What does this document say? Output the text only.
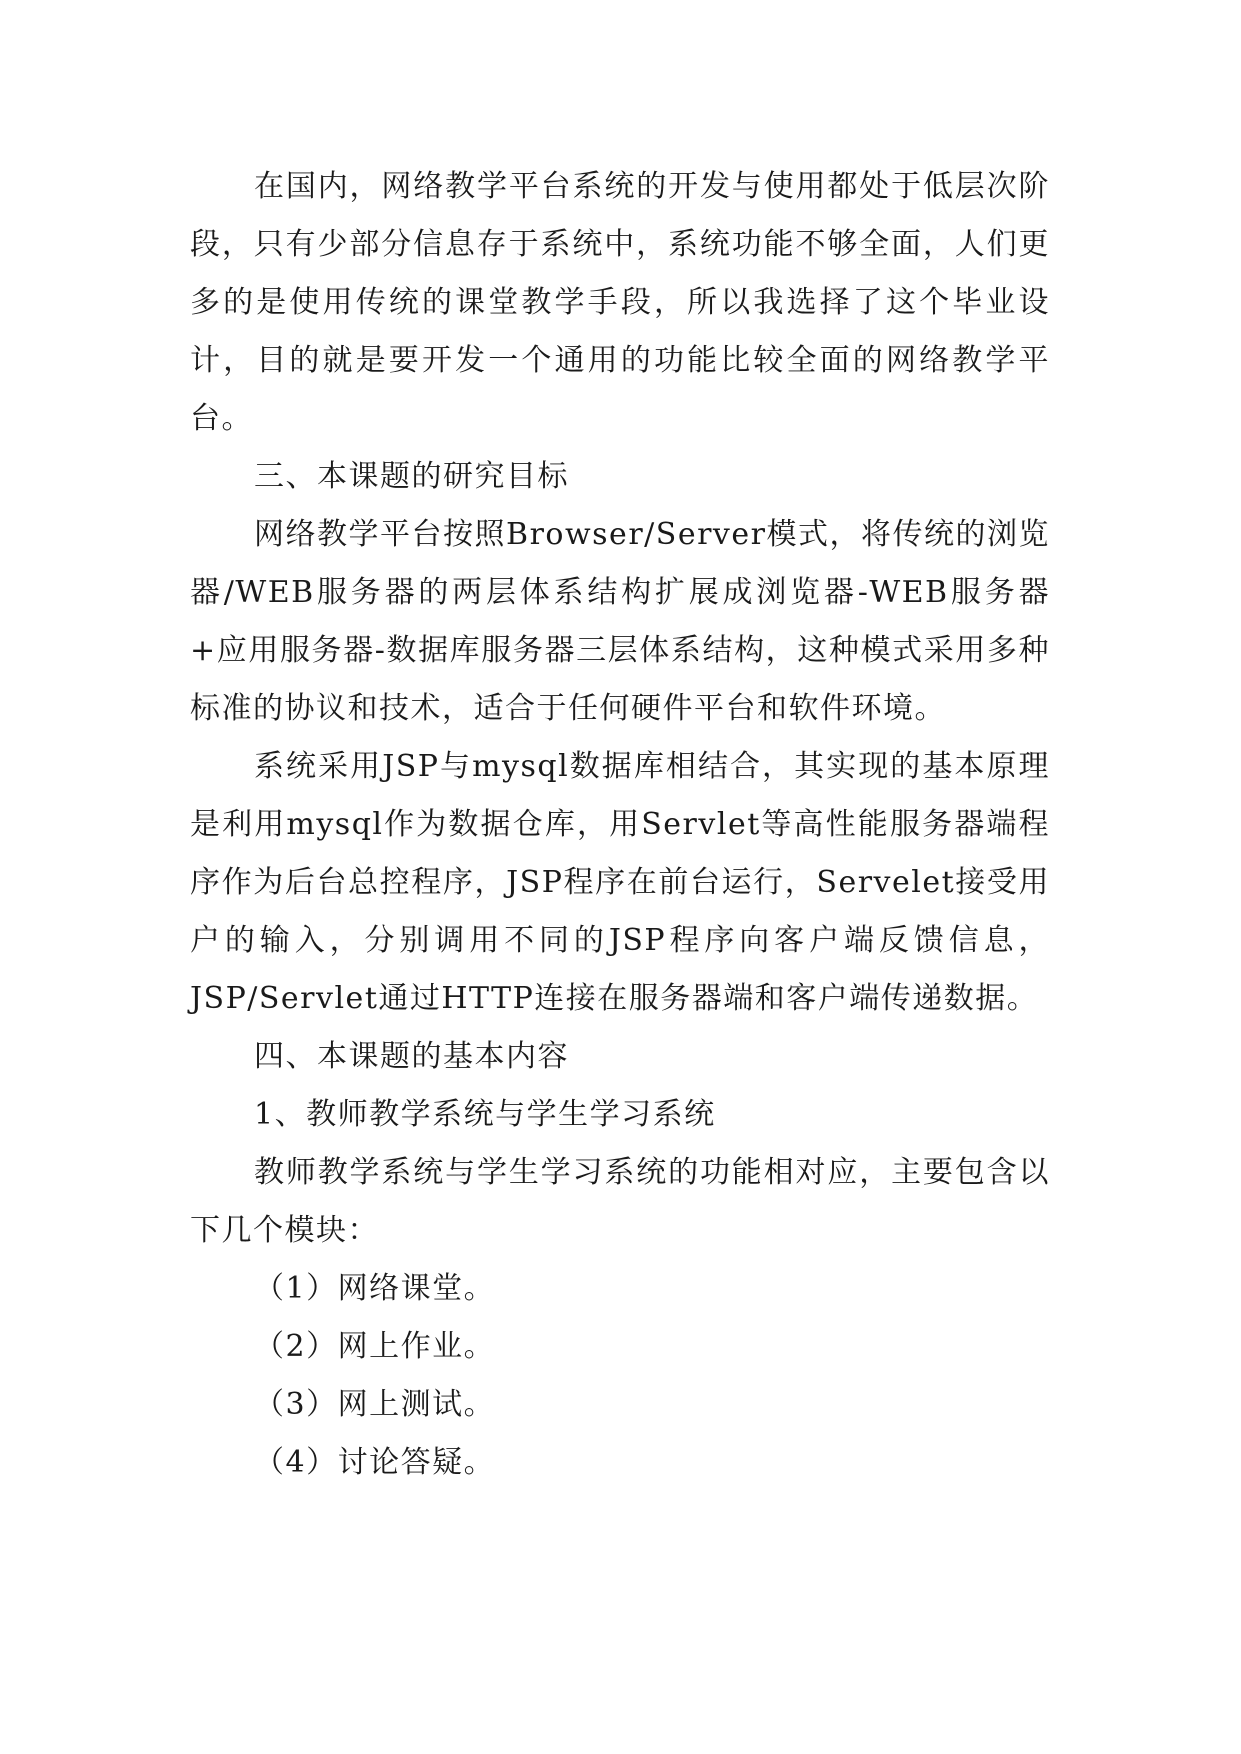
在国内，网络教学平台系统的开发与使用都处于低层次阶段，只有少部分信息存于系统中，系统功能不够全面，人们更多的是使用传统的课堂教学手段，所以我选择了这个毕业设计，目的就是要开发一个通用的功能比较全面的网络教学平台。

三、本课题的研究目标

网络教学平台按照Browser/Server模式，将传统的浏览器/WEB服务器的两层体系结构扩展成浏览器-WEB服务器+应用服务器-数据库服务器三层体系结构，这种模式采用多种标准的协议和技术，适合于任何硬件平台和软件环境。

系统采用JSP与mysql数据库相结合，其实现的基本原理是利用mysql作为数据仓库，用Servlet等高性能服务器端程序作为后台总控程序，JSP程序在前台运行，Servelet接受用户的输入，分别调用不同的JSP程序向客户端反馈信息，JSP/Servlet通过HTTP连接在服务器端和客户端传递数据。

四、本课题的基本内容

1、教师教学系统与学生学习系统

教师教学系统与学生学习系统的功能相对应，主要包含以下几个模块：

（1）网络课堂。

（2）网上作业。

（3）网上测试。

（4）讨论答疑。
